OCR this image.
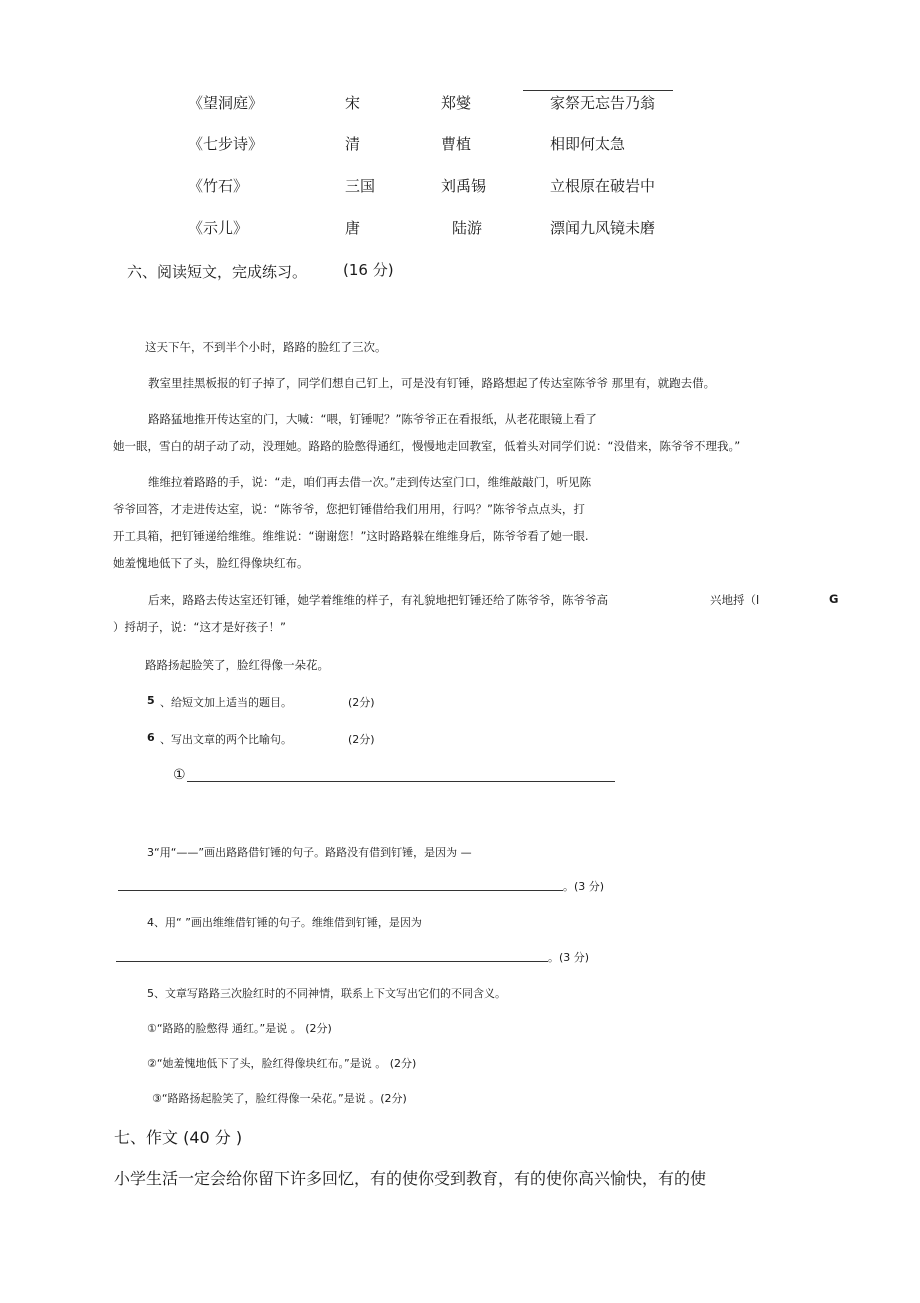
《望洞庭》	宋	郑燮	家祭无忘告乃翁
《七步诗》	清	曹植	相即何太急
《竹石》	三国	刘禹锡	立根原在破岩中
《示儿》	唐	陆游	漂闻九风镜未磨
六、阅读短文，完成练习。 (16 分)
这天下午，不到半个小时，路路的脸红了三次。
教室里挂黑板报的钉子掉了，同学们想自己钉上，可是没有钉锤，路路想起了传达室陈爷爷 那里有，就跑去借。
路路猛地推开传达室的门，大喊：“喂，钉锤呢？”陈爷爷正在看报纸，从老花眼镜上看了
她一眼，雪白的胡子动了动，没理她。路路的脸憋得通红，慢慢地走回教室，低着头对同学们说：“没借来，陈爷爷不理我。”
维维拉着路路的手，说：“走，咱们再去借一次。”走到传达室门口，维维敲敲门，听见陈
爷爷回答，才走进传达室，说：“陈爷爷，您把钉锤借给我们用用，行吗？”陈爷爷点点头，打
开工具箱，把钉锤递给维维。维维说：“谢谢您！”这时路路躲在维维身后，陈爷爷看了她一眼.
她羞愧地低下了头，脸红得像块红布。
后来，路路去传达室还钉锤，她学着维维的样子，有礼貌地把钉锤还给了陈爷爷，陈爷爷高	兴地捋（l	G
）捋胡子，说：“这才是好孩子！”
路路扬起脸笑了，脸红得像一朵花。
5 、给短文加上适当的题目。	(2分)
6 、写出文章的两个比喻句。	(2分)
①
3“用“——”画出路路借钉锤的句子。路路没有借到钉锤，是因为 —
。(3 分)
4、用“ ”画出维维借钉锤的句子。维维借到钉锤，是因为
。(3 分)
5、文章写路路三次脸红时的不同神情，联系上下文写出它们的不同含义。
①“路路的脸憋得 通红。”是说 。 (2分)
②“她羞愧地低下了头，脸红得像块红布。”是说 。 (2分)
③“路路扬起脸笑了，脸红得像一朵花。”是说 。(2分)
七、作文 (40 分 )
小学生活一定会给你留下许多回忆，有的使你受到教育，有的使你高兴愉快，有的使
